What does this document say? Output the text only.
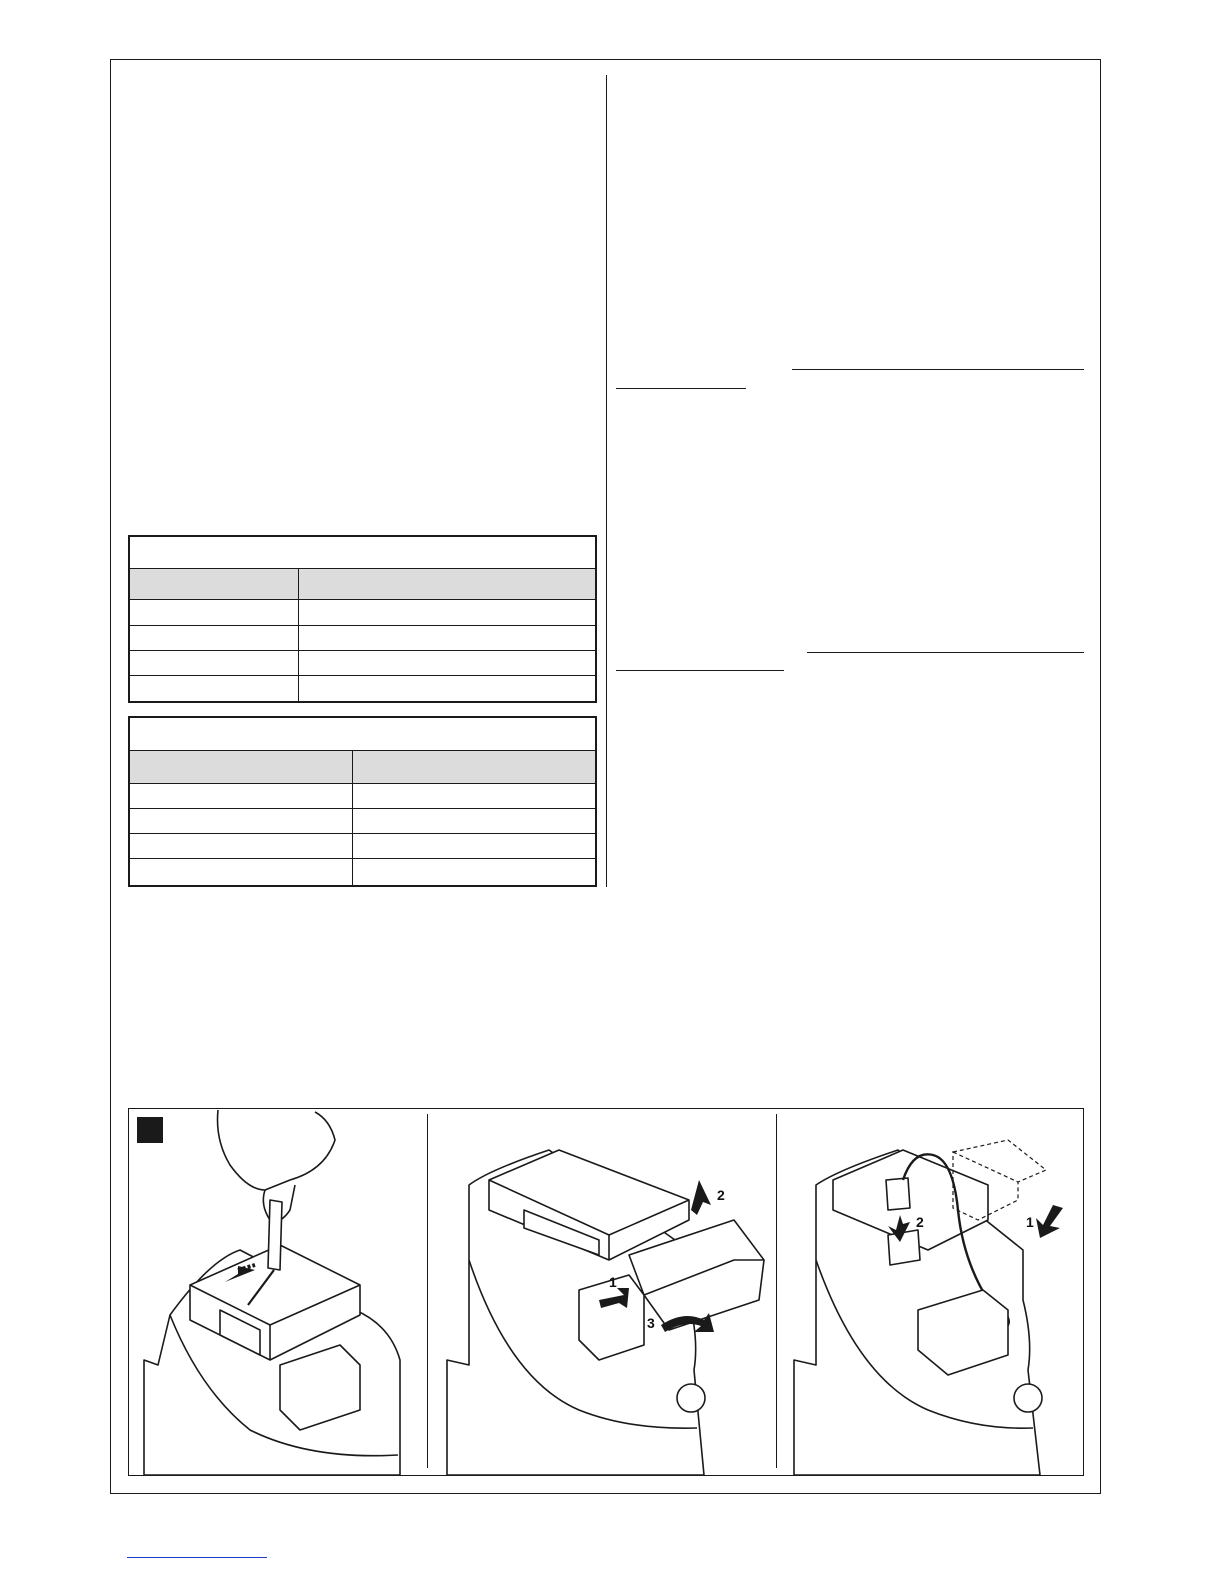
2
1
3
2	1
